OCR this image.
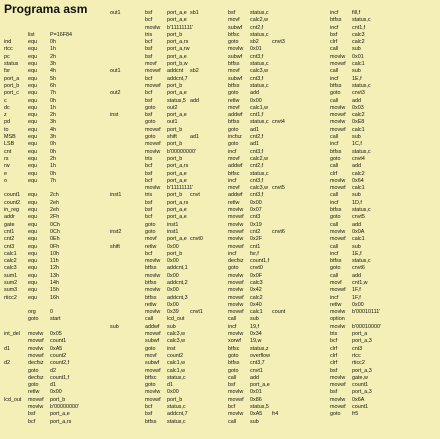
Programa asm
list	P=16F84
ind	equ	0h
rtcc	equ	1h
pc	equ	2h
status	equ	3h
fsr	equ	4h
port_a	equ	5h
port_b	equ	6h
port_c	equ	7h
c	equ	0h
dc	equ	1h
z	equ	2h
pd	equ	3h
to	equ	4h
MSB	equ	3h
LSB	equ	0h
cnt	equ	0h
rs	equ	2h
rw	equ	1h
e	equ	0h
o	equ	7h
count1	equ	2ch
count2	equ	2eh
in_reg	equ	2eh
addr	equ	2Fh
gate	equ	0Ch
cnt1	equ	0Ch
cnt2	equ	0Eh
cnt3	equ	0Fh
calc1	equ	10h
calc2	equ	11h
calc3	equ	12h
sum1	equ	13h
sum2	equ	14h
sum3	equ	15h
rticc2	equ	16h
org	0
goto	start
int_del	movlw	0x05
movwf	count1
d1	movlw	0xA5
movwf	count2
d2	decfsz	count2,f
goto	d2
decfsz	count1,f
goto	d1
retlw	0x00
lcd_out	movwf	port_b
movlw	b'00000000'
bsf	port_a,e
bcf	port_a,rs
out1
out1
out2
inst
inst1
inst2
shift
sub
bsf	port_a,e
bcf	port_a,e
movlw	b'11111111'
tris	port_b
bcf	port_a,rs
bsf	port_a,rw
bsf	port_a,e
movf	port_b,w
movwf	addcnt
bcf	addcnt,7
movwf	port_b
bcf	port_a,e
bsf	status,5
goto	out2
bsf	port_a,e
goto	out1
movwf	port_b
goto	shift
movwf	port_b
movlw	b'00000000'
tris	port_b
bcf	port_a,rs
bsf	port_a,e
bcf	port_a,e
movlw	b'11111111'
tris	port_b
bsf	port_a,rs
bsf	port_a,e
bcf	port_a,e
goto	inst1
goto	inst1
movf	port_a,e
retlw	0x00
bcf	port_b
movlw	0x00
btfss	addcnt,1
movlw	0x00
btfss	addcnt,2
movlw	0x00
btfss	addcnt,3
retlw	0x00
movlw	0x39
call	lcd_out
addwf	sub
movwf	calc3,w
subwf	calc3,w
goto	inst
movf	count2
subwf	calc1,w
movwf	calc1,w
btfsc	status,c
goto	d1
movlw	0x00
movwf	port_b
bcf	status,c
bsf	addcnt,7
btfss	status,c
sb1
sb2
add
ad1
cnvt
cnvt0
cnvt1
bsf	status,c
movf	calc2,w
subwf	cnt2,f
btfsc	status,c
goto	sb2
movlw	0x01
subwf	cnt3,f
btfss	status,c
movf	calc3,w
subwf	cnt3,f
btfss	status,c
goto	add
retlw	0x00
movf	calc1,w
addwf	cnt1,f
btfss	status,c
goto	ad1
incfsz	cnt2,f
goto	ad1
incf	cnt3,f
movf	calc2,w
addwf	cnt2,f
btfsc	status,c
incf	cnt3,f
movf	calc3,w
addwf	cnt3,f
retlw	0x00
movlw	0x07
movwf	cnt3
movlw	0x19
movwf	cnt2
movlw	0x2F
movwf	cnt1
incf	fsr,f
decfsz	count1,f
goto	cnvt0
movlw	0x0F
movwf	calc3
movlw	0x42
movwf	calc2
movlw	0x40
movwf	calc1
call	sub
incf	19,f
movlw	0x34
xorwf	19,w
btfsc	status,z
goto	overflow
btfss	cnt3,7
goto	cnvt1
call	add
bsf	port_a,e
movlw	0x01
movwf	0x86
bcf	status,5
movlw	0xA5
call	sub
cnvt3
cnvt4
cnvt5
cnvt6
count
fr4
incf	fill,f
btfss	status,c
incf	cnt1,f
bsf	calc3
clrf	calc2
call	sub
movlw	0x01
movwf	calc1
call	sub
incf	1E,f
btfss	status,c
goto	cnvt3
call	add
movlw	0x03
movwf	calc2
movlw	0xE8
movwf	calc1
call	sub
incf	1C,f
btfss	status,c
goto	cnvt4
call	add
clrf	calc2
movlw	0x64
movwf	calc1
call	sub
incf	1D,f
btfss	status,c
goto	cnvt5
call	add
movlw	0x0A
movwf	calc1
call	sub
incf	1E,f
btfss	status,c
goto	cnvt6
call	add
movf	cnt1,w
movwf	1F,f
incf	1F,f
retlw	0x00
movlw	b'00010111'
option
movlw	b'00010000'
tris	port_a
bcf	port_a,3
clrf	cnt3
clrf	rtcc
clrf	rticc2
bsf	port_a,3
movlw	gate,w
movwf	count1
bsf	port_a,3
movlw	0x6A
movwf	count1
goto	fr5
